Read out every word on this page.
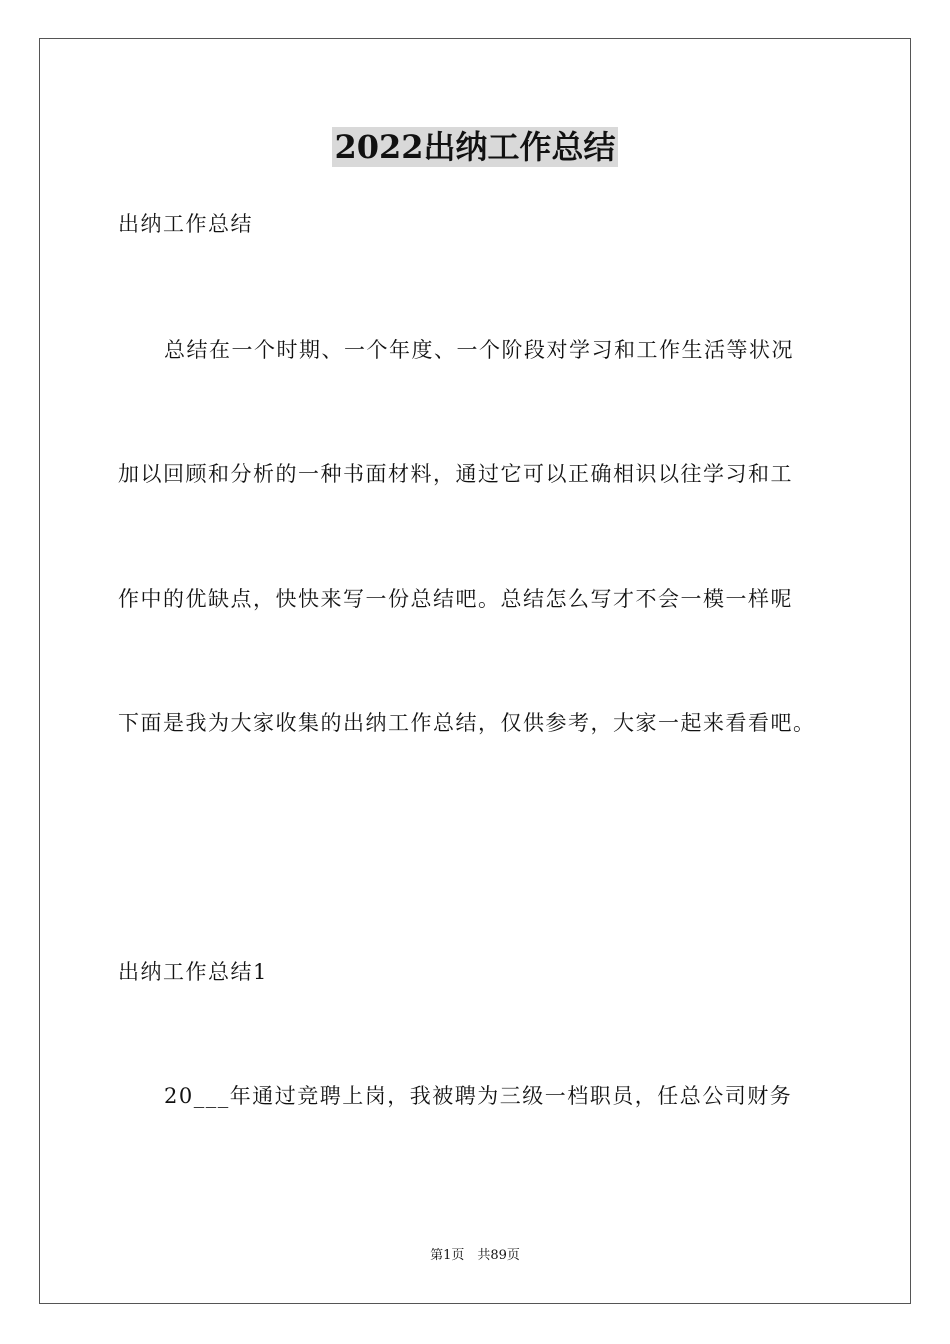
2022出纳工作总结
出纳工作总结
总结在一个时期、一个年度、一个阶段对学习和工作生活等状况
加以回顾和分析的一种书面材料，通过它可以正确相识以往学习和工
作中的优缺点，快快来写一份总结吧。总结怎么写才不会一模一样呢
下面是我为大家收集的出纳工作总结，仅供参考，大家一起来看看吧。
出纳工作总结1
20___年通过竞聘上岗，我被聘为三级一档职员，任总公司财务
第1页　共89页
